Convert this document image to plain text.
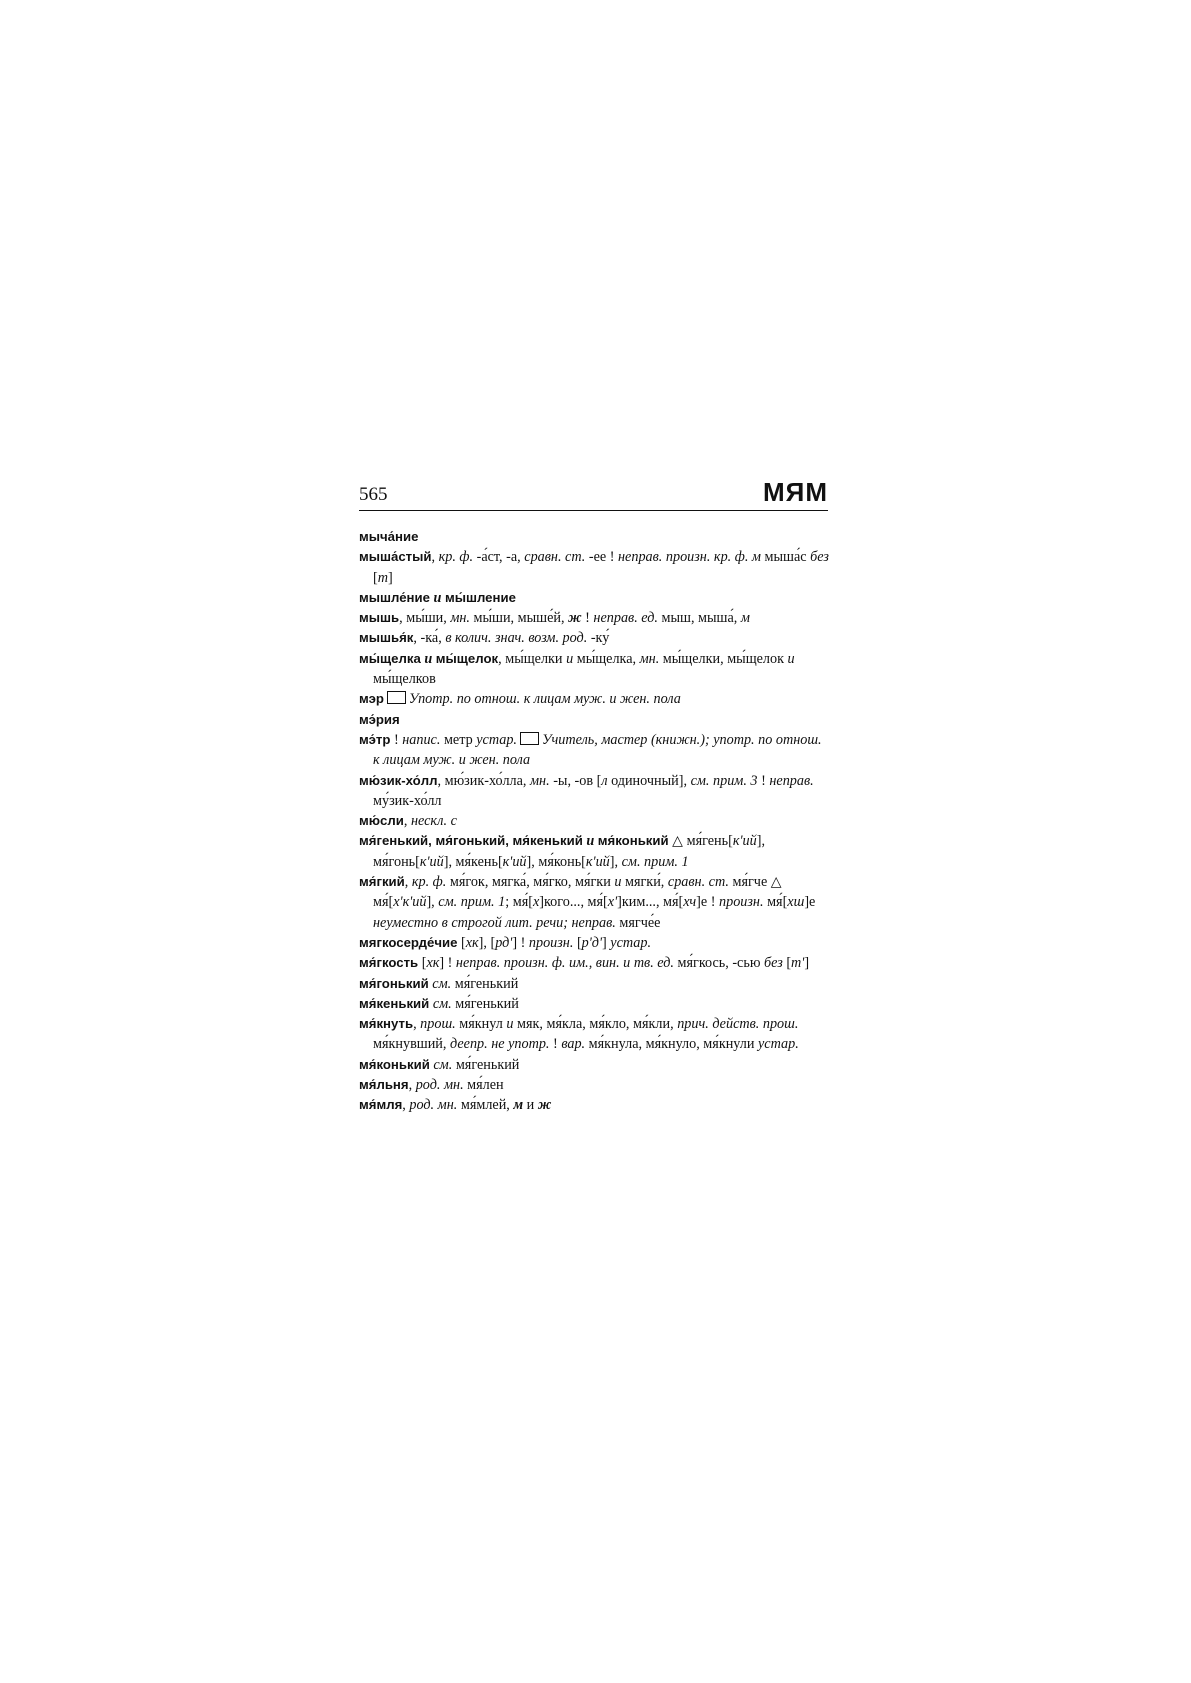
565	МЯМ

мыча́ние

мыша́стый, кр. ф. -а́ст, -а, сравн. ст. -ее ! неправ. произн. кр. ф. м мыша́с без [т]

мышле́ние и мы́шление

мышь, мы́ши, мн. мы́ши, мыше́й, ж ! неправ. ед. мыш, мыша́, м

мышья́к, -ка́, в колич. знач. возм. род. -ку́

мы́щелка и мы́щелок, мы́щелки и мы́щелка, мн. мы́щелки, мы́щелок и мы́щелков

мэр Употр. по отнош. к лицам муж. и жен. пола

мэ́рия

мэ́тр ! напис. метр устар. Учитель, мастер (книжн.); употр. по отнош. к лицам муж. и жен. пола

мю́зик-хо́лл, мю́зик-хо́лла, мн. -ы, -ов [л одиночный], см. прим. 3 ! неправ. му́зик-хо́лл

мю́сли, нескл. с

мя́генький, мя́гонький, мя́кенький и мя́конький △ мя́гень[к'ий], мя́гонь[к'ий], мя́кень[к'ий], мя́конь[к'ий], см. прим. 1

мя́гкий, кр. ф. мя́гок, мягка́, мя́гко, мя́гки и мягки́, сравн. ст. мя́гче △ мя́[х'к'ий], см. прим. 1; мя́[х]кого..., мя́[х']ким..., мя́[хч]е ! произн. мя́[хш]е неуместно в строгой лит. речи; неправ. мягче́е

мягкосерде́чие [хк], [рд'] ! произн. [р'д'] устар.

мя́гкость [хк] ! неправ. произн. ф. им., вин. и тв. ед. мя́гкось, -сью без [т']

мя́гонький см. мя́генький

мя́кенький см. мя́генький

мя́кнуть, прош. мя́кнул и мяк, мя́кла, мя́кло, мя́кли, прич. действ. прош. мя́кнувший, деепр. не употр. ! вар. мя́кнула, мя́кнуло, мя́кнули устар.

мя́конький см. мя́генький

мя́льня, род. мн. мя́лен

мя́мля, род. мн. мя́млей, м и ж
